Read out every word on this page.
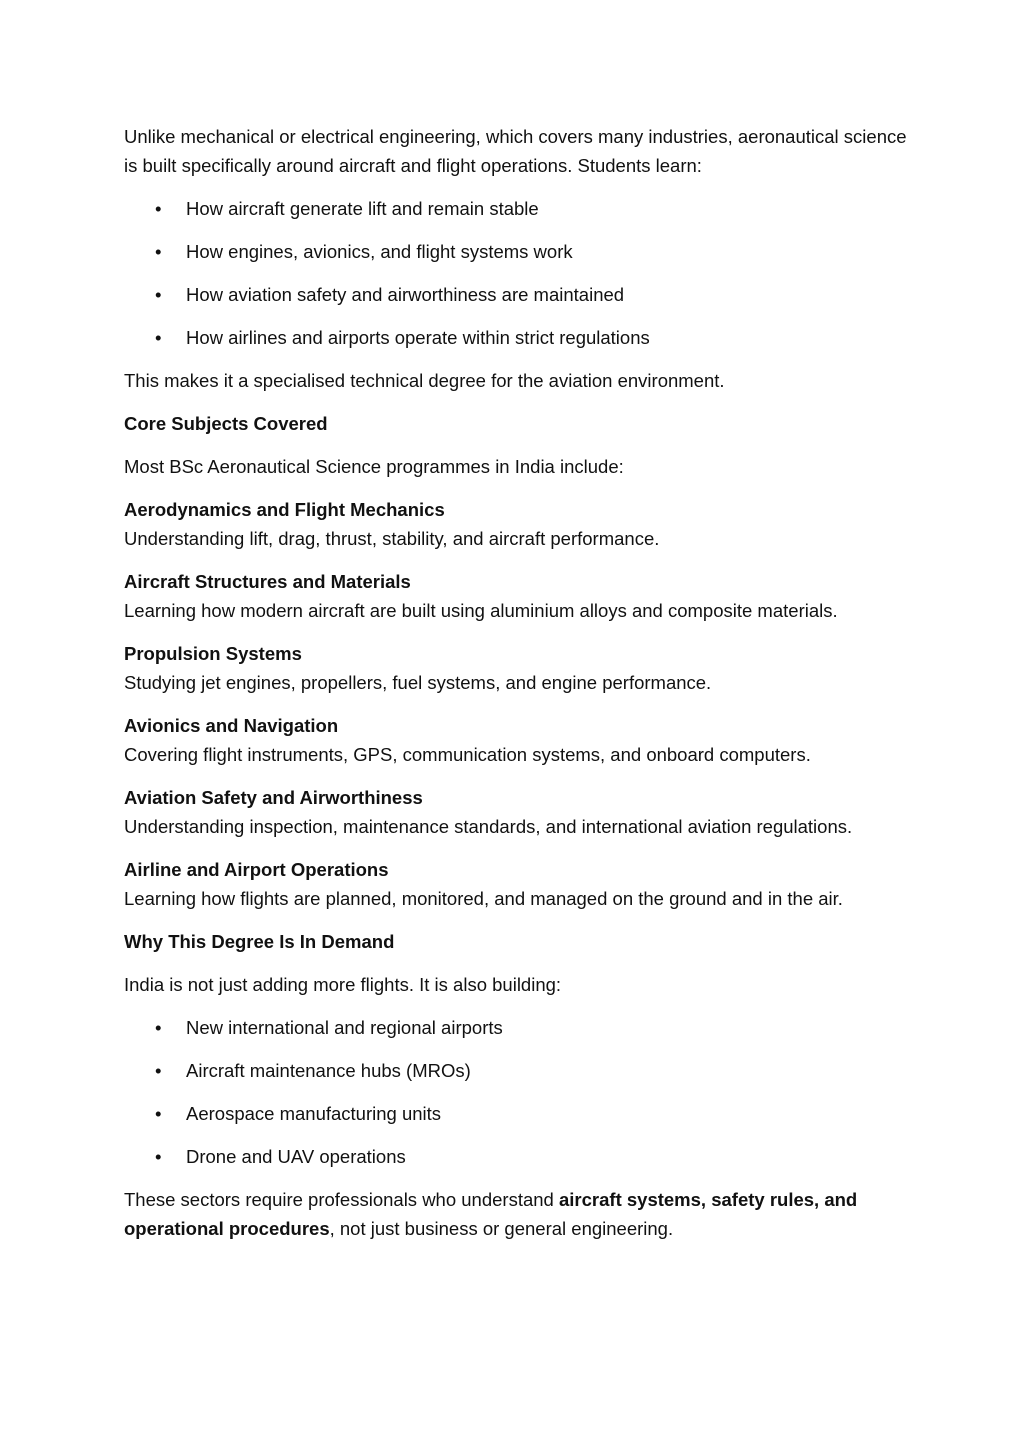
Unlike mechanical or electrical engineering, which covers many industries, aeronautical science is built specifically around aircraft and flight operations. Students learn:

• How aircraft generate lift and remain stable
• How engines, avionics, and flight systems work
• How aviation safety and airworthiness are maintained
• How airlines and airports operate within strict regulations

This makes it a specialised technical degree for the aviation environment.

Core Subjects Covered

Most BSc Aeronautical Science programmes in India include:

Aerodynamics and Flight Mechanics
Understanding lift, drag, thrust, stability, and aircraft performance.
Aircraft Structures and Materials
Learning how modern aircraft are built using aluminium alloys and composite materials.
Propulsion Systems
Studying jet engines, propellers, fuel systems, and engine performance.
Avionics and Navigation
Covering flight instruments, GPS, communication systems, and onboard computers.
Aviation Safety and Airworthiness
Understanding inspection, maintenance standards, and international aviation regulations.
Airline and Airport Operations
Learning how flights are planned, monitored, and managed on the ground and in the air.

Why This Degree Is In Demand

India is not just adding more flights. It is also building:

• New international and regional airports
• Aircraft maintenance hubs (MROs)
• Aerospace manufacturing units
• Drone and UAV operations

These sectors require professionals who understand aircraft systems, safety rules, and operational procedures, not just business or general engineering.
